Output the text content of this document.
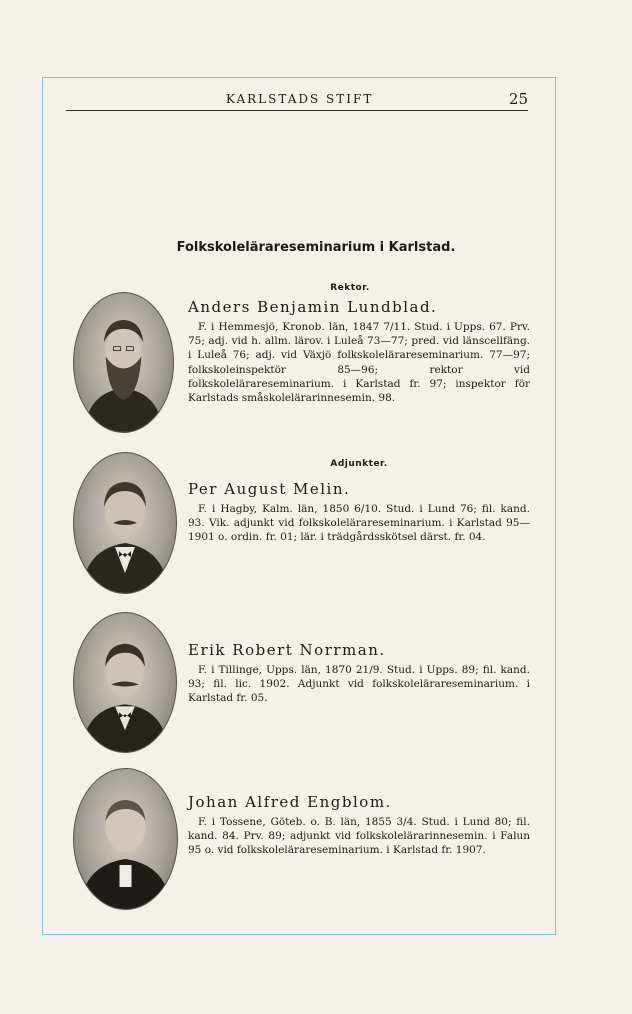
KARLSTADS STIFT	25
Folkskolelärareseminarium i Karlstad.
Rektor.
Adjunkter.
Anders Benjamin Lundblad.
F. i Hemmesjö, Kronob. län, 1847 7/11. Stud. i Upps. 67. Prv. 75; adj. vid h. allm. lärov. i Luleå 73—77; pred. vid länscellfäng. i Luleå 76; adj. vid Växjö folkskolelärareseminarium. 77—97; folkskoleinspektör 85—96; rektor vid folkskolelärareseminarium. i Karlstad fr. 97; inspektor för Karlstads småskolelärarinnesemin. 98.
Per August Melin.
F. i Hagby, Kalm. län, 1850 6/10. Stud. i Lund 76; fil. kand. 93. Vik. adjunkt vid folkskolelärareseminarium. i Karlstad 95—1901 o. ordin. fr. 01; lär. i trädgårdsskötsel därst. fr. 04.
Erik Robert Norrman.
F. i Tillinge, Upps. län, 1870 21/9. Stud. i Upps. 89; fil. kand. 93; fil. lic. 1902. Adjunkt vid folkskolelärareseminarium. i Karlstad fr. 05.
Johan Alfred Engblom.
F. i Tossene, Göteb. o. B. län, 1855 3/4. Stud. i Lund 80; fil. kand. 84. Prv. 89; adjunkt vid folkskolelärarinnesemin. i Falun 95 o. vid folkskolelärareseminarium. i Karlstad fr. 1907.
